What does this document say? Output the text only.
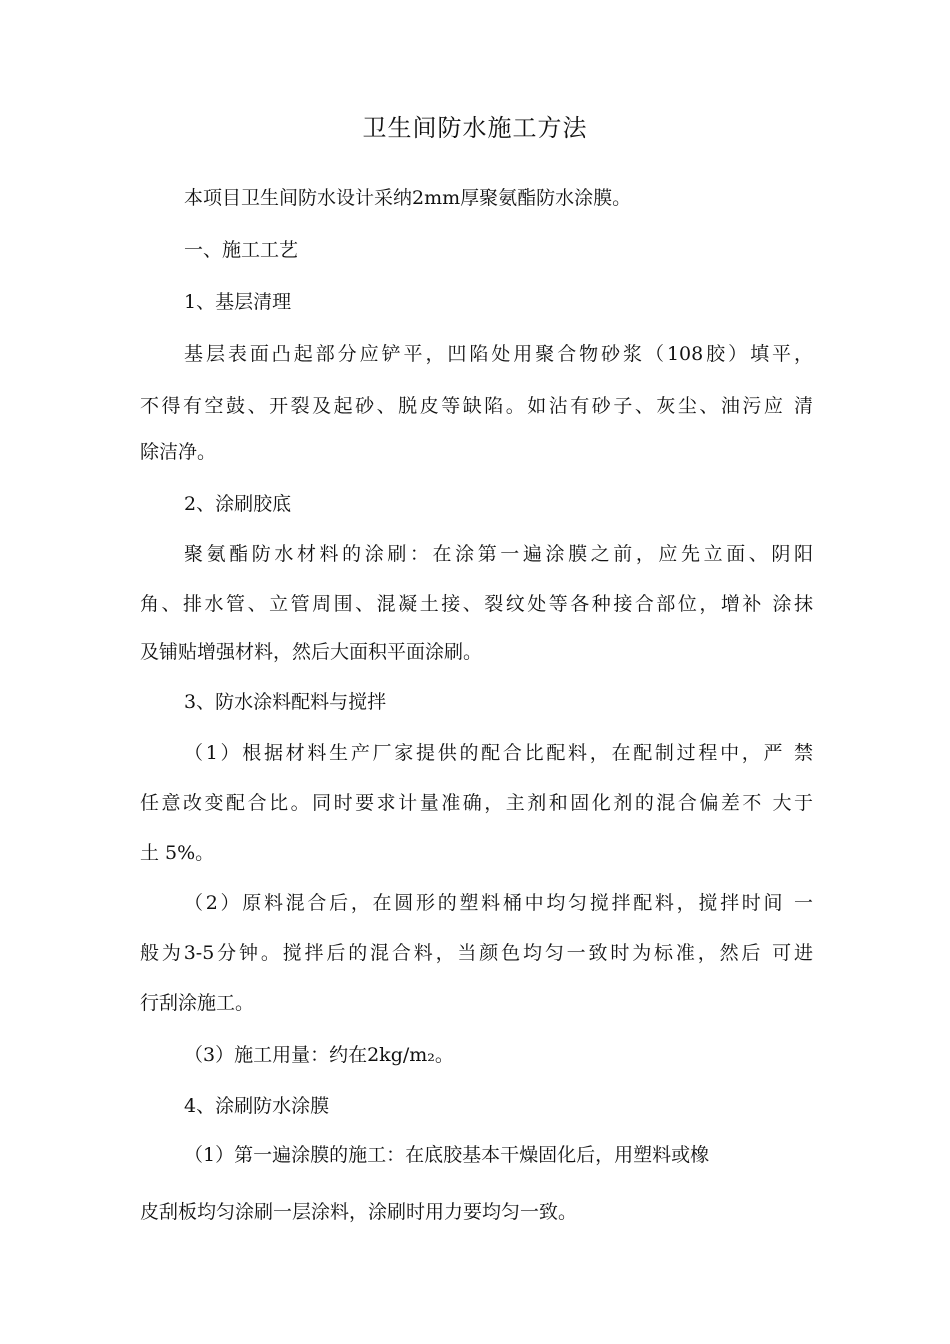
卫生间防水施工方法
本项目卫生间防水设计采纳2mm厚聚氨酯防水涂膜。
一、施工工艺
1、基层清理
基层表面凸起部分应铲平，凹陷处用聚合物砂浆（108胶）填平，
不得有空鼓、开裂及起砂、脱皮等缺陷。如沾有砂子、灰尘、油污应 清
除洁净。
2、涂刷胶底
聚氨酯防水材料的涂刷：在涂第一遍涂膜之前，应先立面、阴阳
角、排水管、立管周围、混凝土接、裂纹处等各种接合部位，增补 涂抹
及铺贴增强材料，然后大面积平面涂刷。
3、防水涂料配料与搅拌
（1）根据材料生产厂家提供的配合比配料，在配制过程中，严 禁
任意改变配合比。同时要求计量准确，主剂和固化剂的混合偏差不 大于
土 5%。
（2）原料混合后，在圆形的塑料桶中均匀搅拌配料，搅拌时间 一
般为3-5分钟。搅拌后的混合料，当颜色均匀一致时为标准，然后 可进
行刮涂施工。
（3）施工用量：约在2kg/m₂。
4、涂刷防水涂膜
（1）第一遍涂膜的施工：在底胶基本干燥固化后，用塑料或橡
皮刮板均匀涂刷一层涂料，涂刷时用力要均匀一致。
